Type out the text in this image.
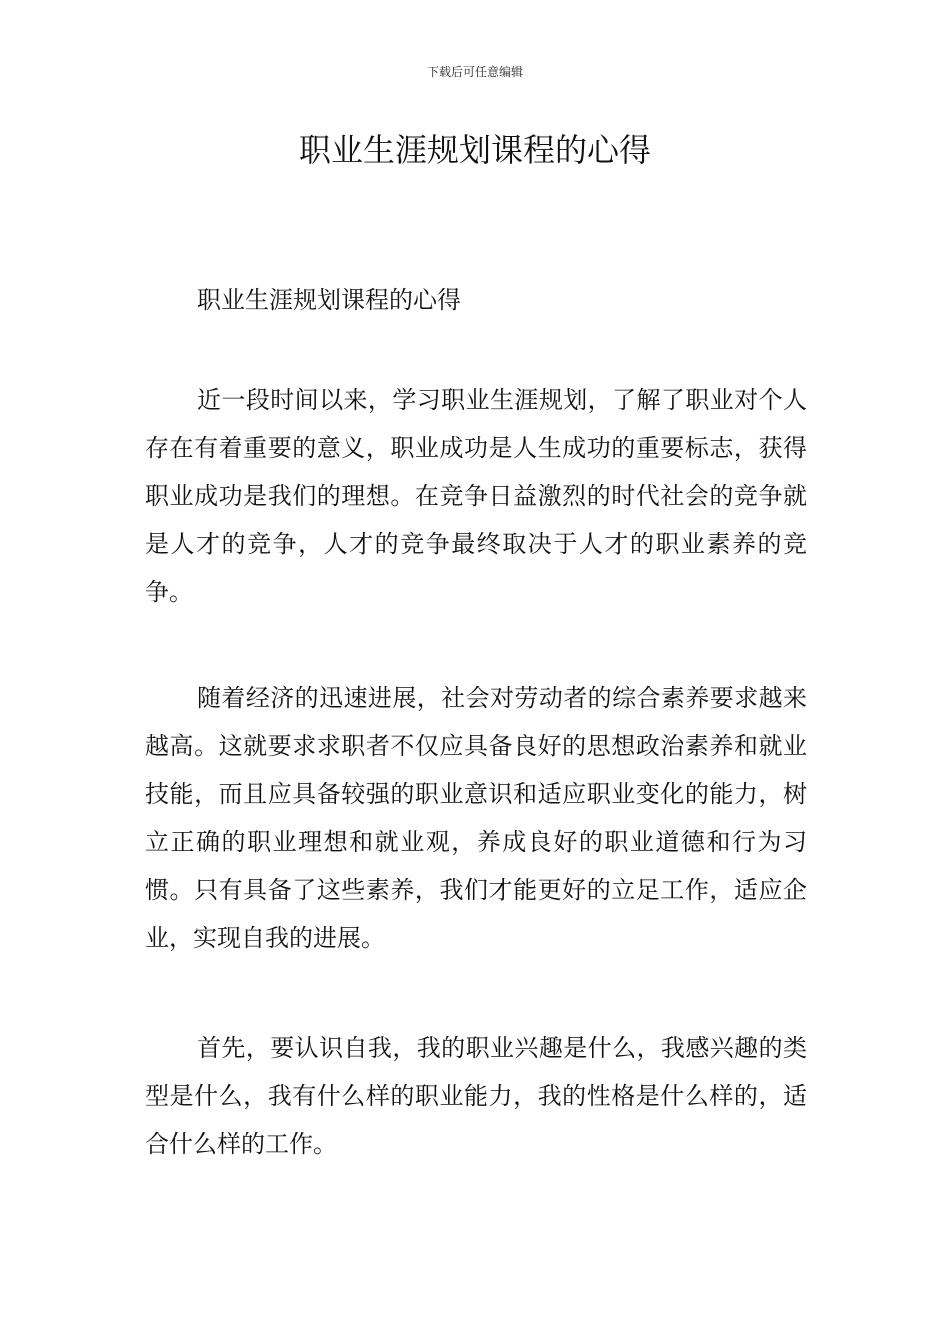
下载后可任意编辑
职业生涯规划课程的心得

职业生涯规划课程的心得

近一段时间以来，学习职业生涯规划，了解了职业对个人存在有着重要的意义，职业成功是人生成功的重要标志，获得职业成功是我们的理想。在竞争日益激烈的时代社会的竞争就是人才的竞争，人才的竞争最终取决于人才的职业素养的竞争。

随着经济的迅速进展，社会对劳动者的综合素养要求越来越高。这就要求求职者不仅应具备良好的思想政治素养和就业技能，而且应具备较强的职业意识和适应职业变化的能力，树立正确的职业理想和就业观，养成良好的职业道德和行为习惯。只有具备了这些素养，我们才能更好的立足工作，适应企业，实现自我的进展。

首先，要认识自我，我的职业兴趣是什么，我感兴趣的类型是什么，我有什么样的职业能力，我的性格是什么样的，适合什么样的工作。
